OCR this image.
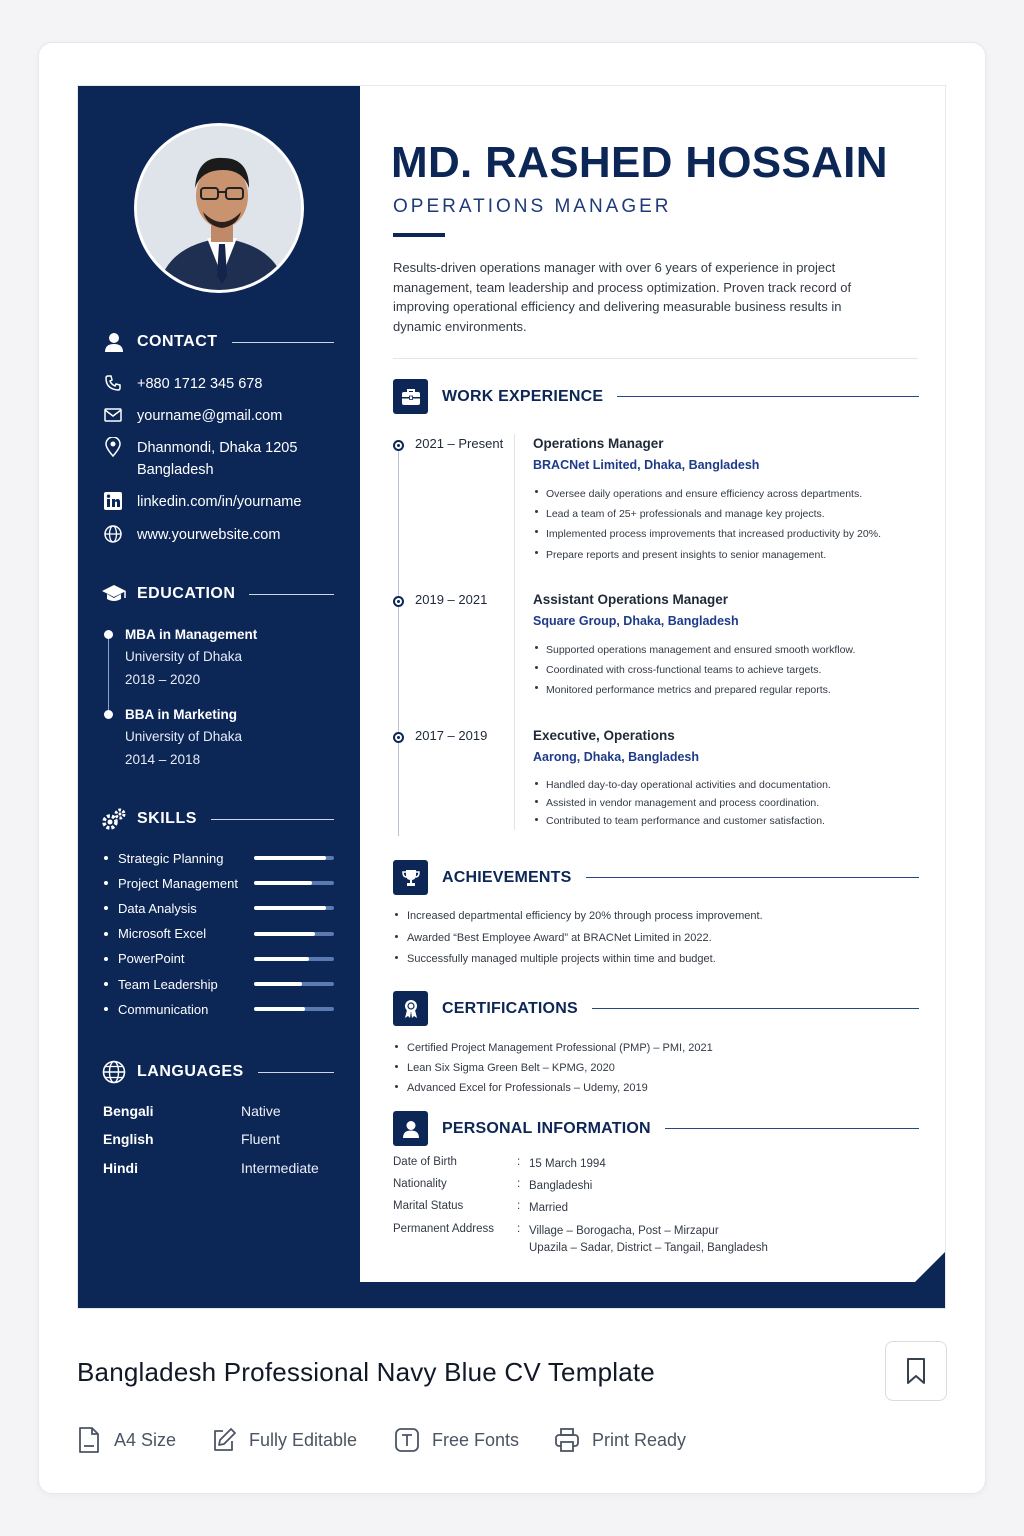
CONTACT
+880 1712 345 678
yourname@gmail.com
Dhanmondi, Dhaka 1205
Bangladesh
linkedin.com/in/yourname
www.yourwebsite.com
EDUCATION
MBA in Management
University of Dhaka
2018 – 2020
BBA in Marketing
University of Dhaka
2014 – 2018
SKILLS
Strategic Planning
Project Management
Data Analysis
Microsoft Excel
PowerPoint
Team Leadership
Communication
LANGUAGES
Bengali	Native
English	Fluent
Hindi	Intermediate
MD. RASHED HOSSAIN
OPERATIONS MANAGER
Results-driven operations manager with over 6 years of experience in project management, team leadership and process optimization. Proven track record of improving operational efficiency and delivering measurable business results in dynamic environments.
WORK EXPERIENCE
2021 – Present Operations Manager
BRACNet Limited, Dhaka, Bangladesh
Oversee daily operations and ensure efficiency across departments.
Lead a team of 25+ professionals and manage key projects.
Implemented process improvements that increased productivity by 20%.
Prepare reports and present insights to senior management.
2019 – 2021	Assistant Operations Manager
Square Group, Dhaka, Bangladesh
Supported operations management and ensured smooth workflow.
Coordinated with cross-functional teams to achieve targets.
Monitored performance metrics and prepared regular reports.
2017 – 2019	Executive, Operations
Aarong, Dhaka, Bangladesh
Handled day-to-day operational activities and documentation.
Assisted in vendor management and process coordination.
Contributed to team performance and customer satisfaction.
ACHIEVEMENTS
Increased departmental efficiency by 20% through process improvement.
Awarded “Best Employee Award” at BRACNet Limited in 2022.
Successfully managed multiple projects within time and budget.
CERTIFICATIONS
Certified Project Management Professional (PMP) – PMI, 2021
Lean Six Sigma Green Belt – KPMG, 2020
Advanced Excel for Professionals – Udemy, 2019
PERSONAL INFORMATION
Date of Birth	: 15 March 1994
Nationality	: Bangladeshi
Marital Status	: Married
Permanent Address	: Village – Borogacha, Post – Mirzapur
Upazila – Sadar, District – Tangail, Bangladesh
Bangladesh Professional Navy Blue CV Template
A4 Size	Fully Editable	Free Fonts	Print Ready
